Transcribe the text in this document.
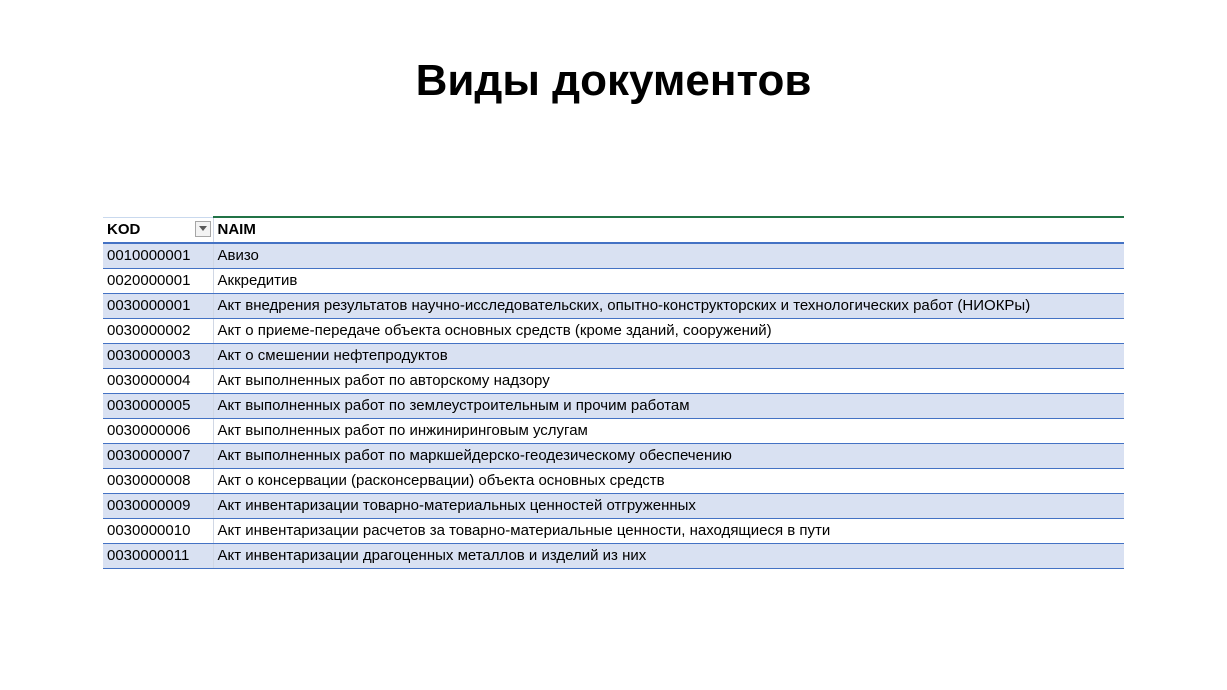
Виды документов
KOD	NAIM
0010000001	Авизо
0020000001	Аккредитив
0030000001	Акт внедрения результатов научно-исследовательских, опытно-конструкторских и технологических работ (НИОКРы)
0030000002	Акт о приеме-передаче объекта основных средств (кроме зданий, сооружений)
0030000003	Акт о смешении нефтепродуктов
0030000004	Акт выполненных работ по авторскому надзору
0030000005	Акт выполненных работ по землеустроительным и прочим работам
0030000006	Акт выполненных работ по инжиниринговым услугам
0030000007	Акт выполненных работ по маркшейдерско-геодезическому обеспечению
0030000008	Акт о консервации (расконсервации) объекта основных средств
0030000009	Акт инвентаризации товарно-материальных ценностей отгруженных
0030000010	Акт инвентаризации расчетов за товарно-материальные ценности, находящиеся в пути
0030000011	Акт инвентаризации драгоценных металлов и изделий из них
